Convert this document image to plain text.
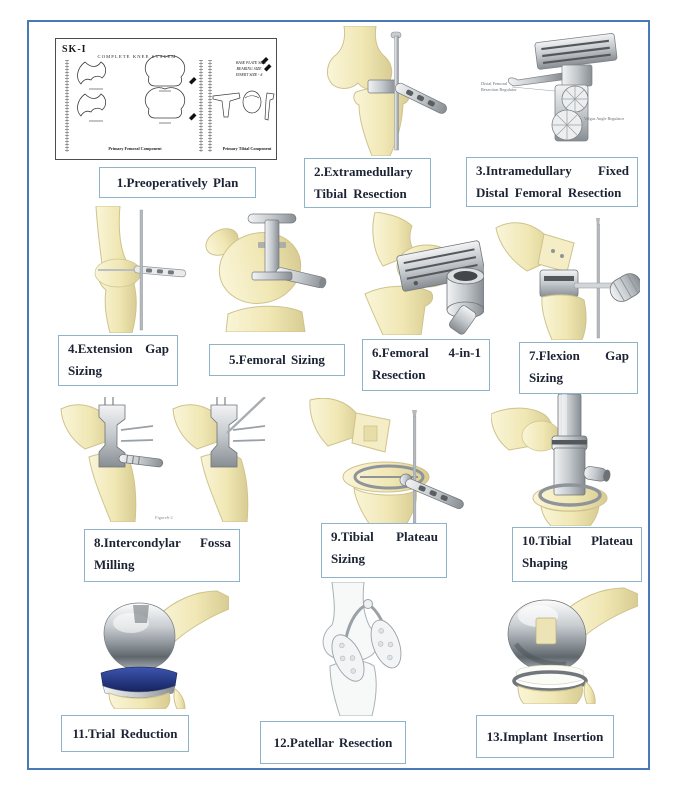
SK-I
COMPLETE KNEE SYSTEM
Primary Femoral Component
BASE PLATE SIZE
BEARING SIZE
INSERT SIZE - #
Primary Tibial Component
1.Preoperatively Plan
2.Extramedullary Tibial Resection
Distal Femoral
Resection Regulator
Valgus Angle Regulator
3.Intramedullary Fixed Distal Femoral Resection
4.Extension Gap Sizing
5.Femoral Sizing	6.Femoral 4-in-1 Resection
7.Flexion Gap Sizing
Figure6-2
8.Intercondylar Fossa Milling
9.Tibial Plateau Sizing
10.Tibial Plateau Shaping
11.Trial Reduction
12.Patellar Resection	13.Implant Insertion
